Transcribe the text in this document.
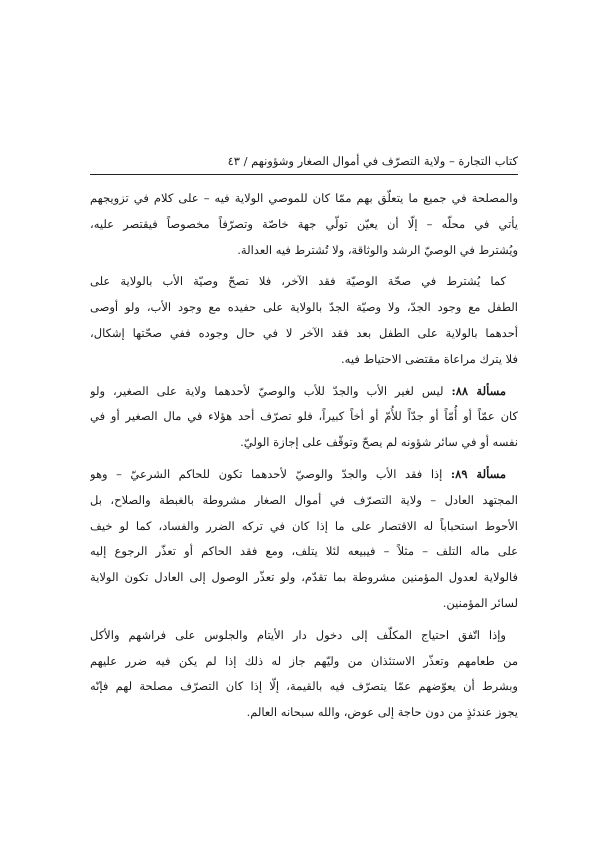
كتاب التجارة – ولاية التصرّف في أموال الصغار وشؤونهم / ٤٣
والمصلحة في جميع ما يتعلّق بهم ممّا كان للموصي الولاية فيه – على كلام في تزويجهم
يأتي في محلّه – إلّا أن يعيّن تولّي جهة خاصّة وتصرّفاً مخصوصاً فيقتصر عليه،
ويُشترط في الوصيّ الرشد والوثاقة، ولا تُشترط فيه العدالة.
كما يُشترط في صحّة الوصيّة فقد الآخر، فلا تصحّ وصيّة الأب بالولاية على
الطفل مع وجود الجدّ، ولا وصيّة الجدّ بالولاية على حفيده مع وجود الأب، ولو أوصى
أحدهما بالولاية على الطفل بعد فقد الآخر لا في حال وجوده ففي صحّتها إشكال،
فلا يترك مراعاة مقتضى الاحتياط فيه.
مسألة ٨٨: ليس لغير الأب والجدّ للأب والوصيّ لأحدهما ولاية على الصغير، ولو
كان عمّاً أو أُمّاً أو جدّاً للأُمّ أو أخاً كبيراً، فلو تصرّف أحد هؤلاء في مال الصغير أو في
نفسه أو في سائر شؤونه لم يصحّ وتوقّف على إجازة الوليّ.
مسألة ٨٩: إذا فقد الأب والجدّ والوصيّ لأحدهما تكون للحاكم الشرعيّ – وهو
المجتهد العادل – ولاية التصرّف في أموال الصغار مشروطة بالغبطة والصلاح، بل
الأحوط استحباباً له الاقتصار على ما إذا كان في تركه الضرر والفساد، كما لو خيف
على ماله التلف – مثلاً – فيبيعه لئلا يتلف، ومع فقد الحاكم أو تعذّر الرجوع إليه
فالولاية لعدول المؤمنين مشروطة بما تقدّم، ولو تعذّر الوصول إلى العادل تكون الولاية
لسائر المؤمنين.
وإذا اتّفق احتياج المكلّف إلى دخول دار الأيتام والجلوس على فراشهم والأكل
من طعامهم وتعذّر الاستئذان من وليّهم جاز له ذلك إذا لم يكن فيه ضرر عليهم
وبشرط أن يعوّضهم عمّا يتصرّف فيه بالقيمة، إلّا إذا كان التصرّف مصلحة لهم فإنّه
يجوز عندئذٍ من دون حاجة إلى عوض، والله سبحانه العالم.
